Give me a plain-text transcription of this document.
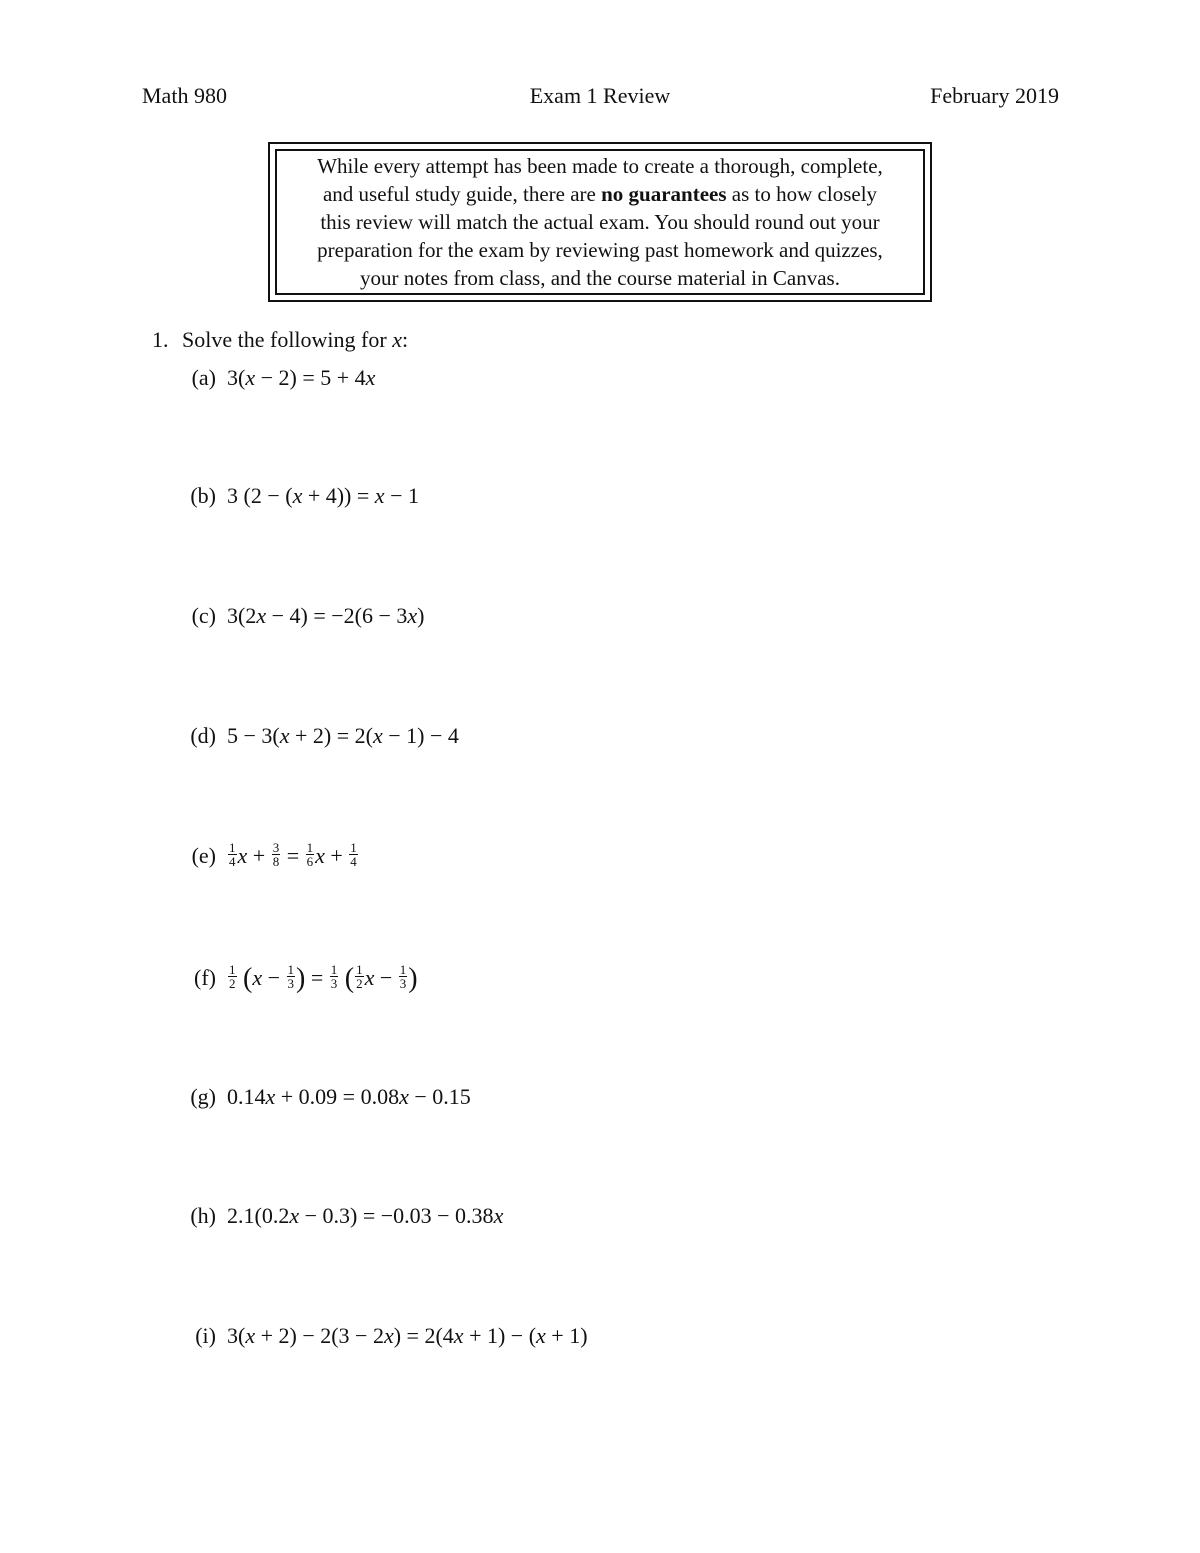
Math 980	Exam 1 Review	February 2019
While every attempt has been made to create a thorough, complete,
and useful study guide, there are no guarantees as to how closely
this review will match the actual exam. You should round out your
preparation for the exam by reviewing past homework and quizzes,
your notes from class, and the course material in Canvas.
1. Solve the following for x:
(a) 3(x − 2) = 5 + 4x
(b) 3 (2 − (x + 4)) = x − 1
(c) 3(2x − 4) = −2(6 − 3x)
(d) 5 − 3(x + 2) = 2(x − 1) − 4
$(e) \frac{1}{4}$ $x + \frac{3}{8} = \frac{1}{6}$ $x + \frac{1}{4}$
$(f) \frac{1}{2} (x - \frac{1}{3}$ ) = $\frac{1}{3}$ ( $\frac{1}{2}$ $x - \frac{1}{3}$ )
(g) 0.14x + 0.09 = 0.08x − 0.15
(h) 2.1(0.2x − 0.3) = −0.03 − 0.38x
(i) 3(x + 2) − 2(3 − 2x) = 2(4x + 1) − (x + 1)
